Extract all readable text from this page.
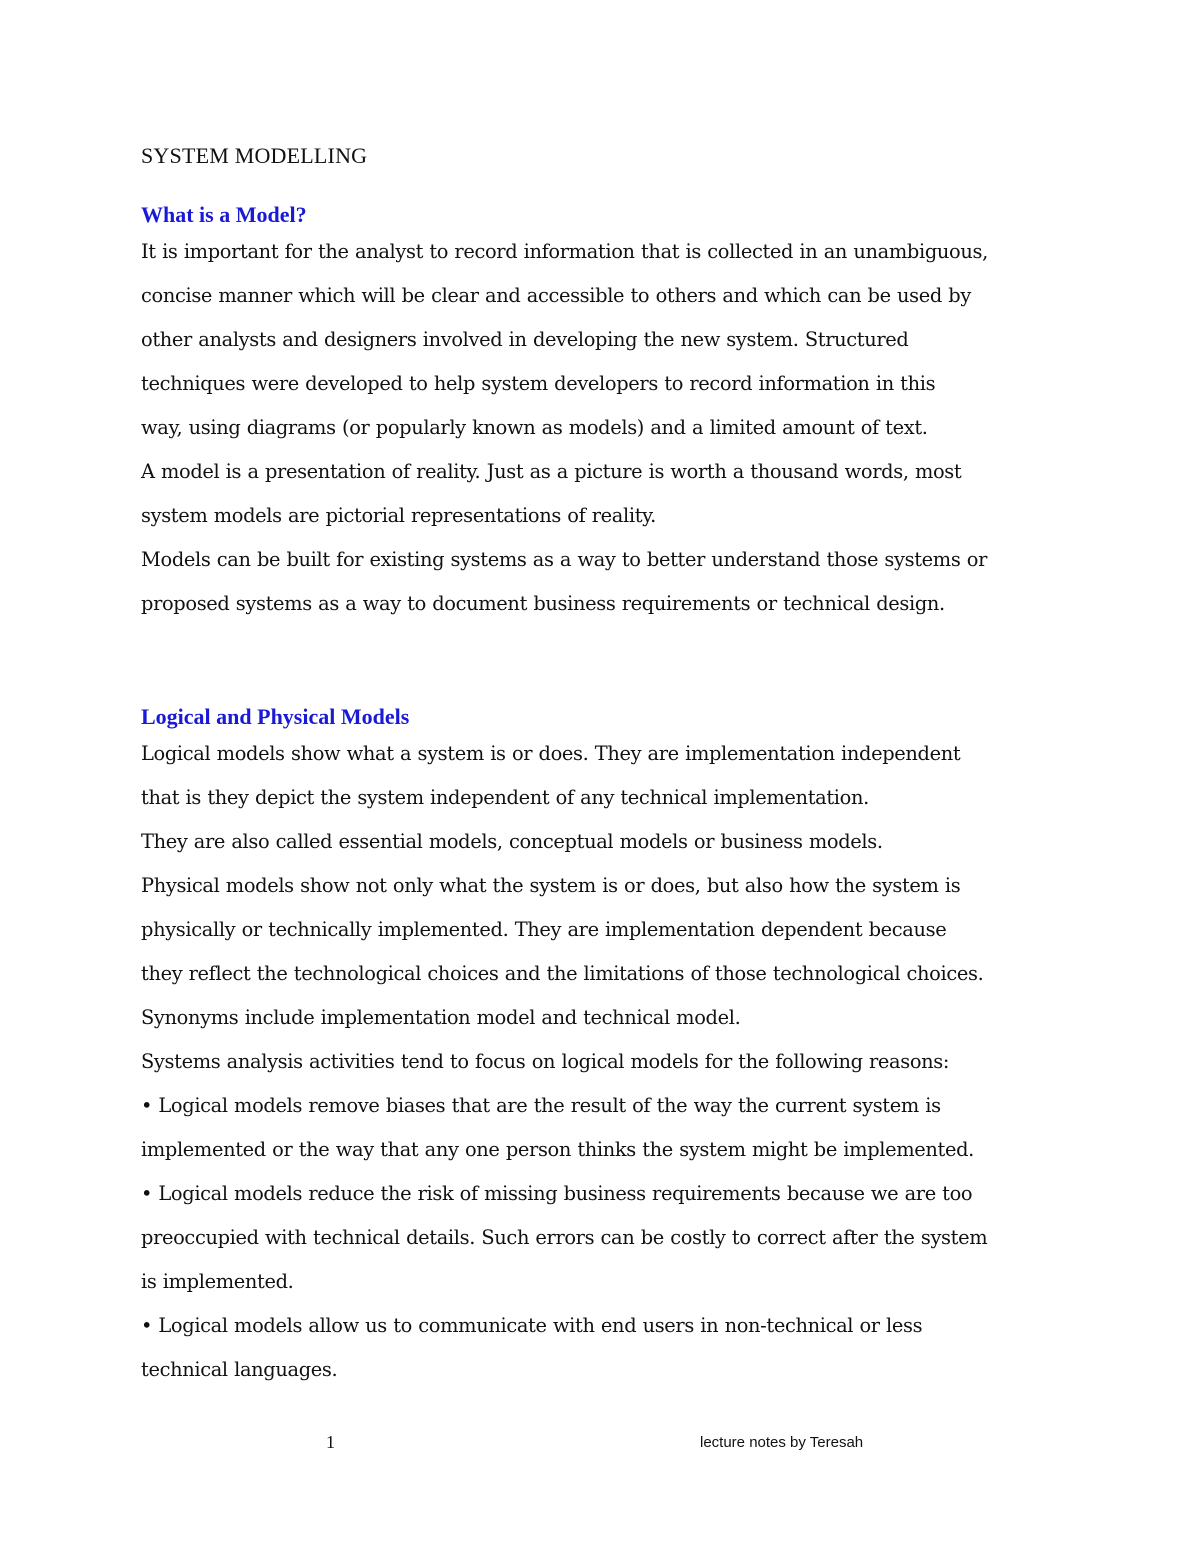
SYSTEM MODELLING
What is a Model?
It is important for the analyst to record information that is collected in an unambiguous,
concise manner which will be clear and accessible to others and which can be used by
other analysts and designers involved in developing the new system. Structured
techniques were developed to help system developers to record information in this
way, using diagrams (or popularly known as models) and a limited amount of text.
A model is a presentation of reality. Just as a picture is worth a thousand words, most
system models are pictorial representations of reality.
Models can be built for existing systems as a way to better understand those systems or
proposed systems as a way to document business requirements or technical design.
Logical and Physical Models
Logical models show what a system is or does. They are implementation independent
that is they depict the system independent of any technical implementation.
They are also called essential models, conceptual models or business models.
Physical models show not only what the system is or does, but also how the system is
physically or technically implemented. They are implementation dependent because
they reflect the technological choices and the limitations of those technological choices.
Synonyms include implementation model and technical model.
Systems analysis activities tend to focus on logical models for the following reasons:
• Logical models remove biases that are the result of the way the current system is
implemented or the way that any one person thinks the system might be implemented.
• Logical models reduce the risk of missing business requirements because we are too
preoccupied with technical details. Such errors can be costly to correct after the system
is implemented.
• Logical models allow us to communicate with end users in non-technical or less
technical languages.
1	lecture notes by Teresah
